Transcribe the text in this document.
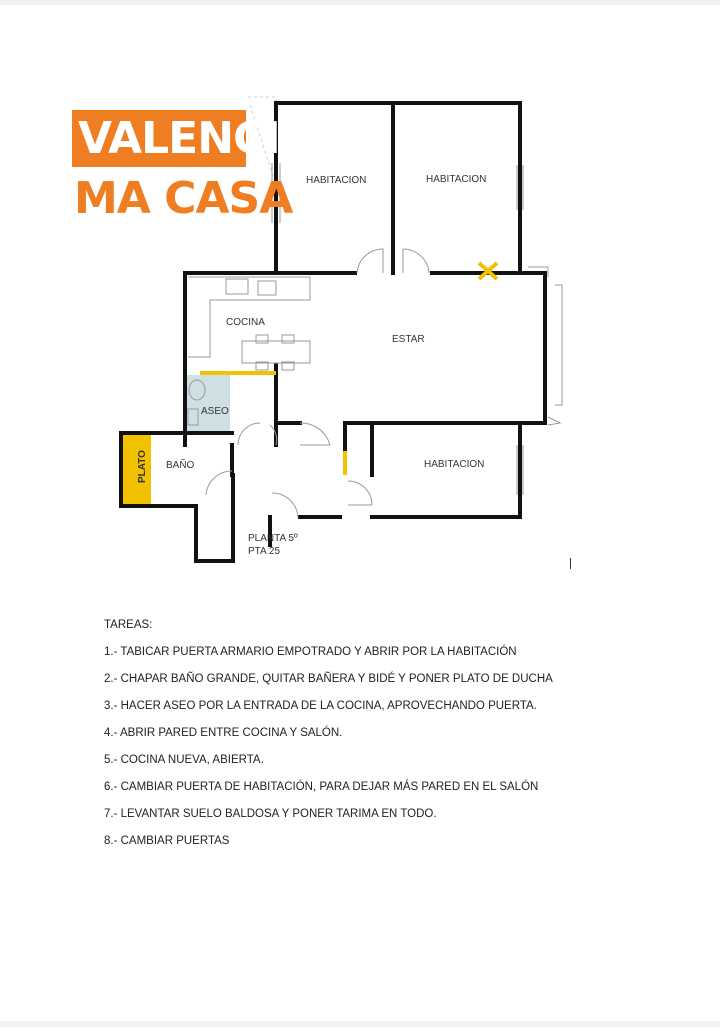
HABITACION	HABITACION
COCINA
ESTAR
ASEO
BAÑO	HABITACION
PLATO
PLANTA 5º
PTA 25
VALENCIA
MA CASA
TAREAS:
1.- TABICAR PUERTA ARMARIO EMPOTRADO Y ABRIR POR LA HABITACIÓN
2.- CHAPAR BAÑO GRANDE, QUITAR BAÑERA Y BIDÉ Y PONER PLATO DE DUCHA
3.- HACER ASEO POR LA ENTRADA DE LA COCINA, APROVECHANDO PUERTA.
4.- ABRIR PARED ENTRE COCINA Y SALÓN.
5.- COCINA NUEVA, ABIERTA.
6.- CAMBIAR PUERTA DE HABITACIÓN, PARA DEJAR MÁS PARED EN EL SALÓN
7.- LEVANTAR SUELO BALDOSA Y PONER TARIMA EN TODO.
8.- CAMBIAR PUERTAS
